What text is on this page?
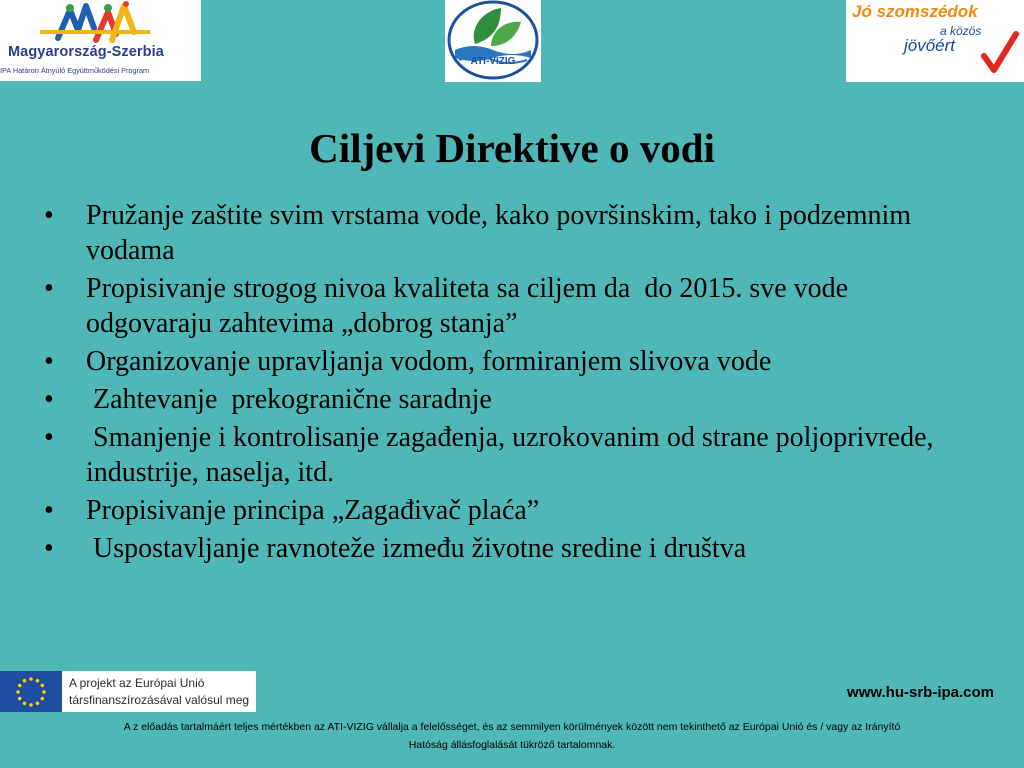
Magyarország-Szerbia
IPA Határon Átnyúló Együttműködési Program
ATI-VIZIG
Jó szomszédok
a közös
jövőért
Ciljevi Direktive o vodi
• Pružanje zaštite svim vrstama vode, kako površinskim, tako i podzemnim vodama
• Propisivanje strogog nivoa kvaliteta sa ciljem da  do 2015. sve vode odgovaraju zahtevima „dobrog stanja”
• Organizovanje upravljanja vodom, formiranjem slivova vode
•  Zahtevanje  prekogranične saradnje
•  Smanjenje i kontrolisanje zagađenja, uzrokovanim od strane poljoprivrede, industrije, naselja, itd.
• Propisivanje principa „Zagađivač plaća”
•  Uspostavljanje ravnoteže između životne sredine i društva
A projekt az Európai Unió
társfinanszírozásával valósul meg	www.hu-srb-ipa.com
A z előadás tartalmáért teljes mértékben az ATI-VIZIG vállalja a felelősséget, és az semmilyen körülmények között nem tekinthető az Európai Unió és / vagy az Irányító
Hatóság állásfoglalását tükröző tartalomnak.
